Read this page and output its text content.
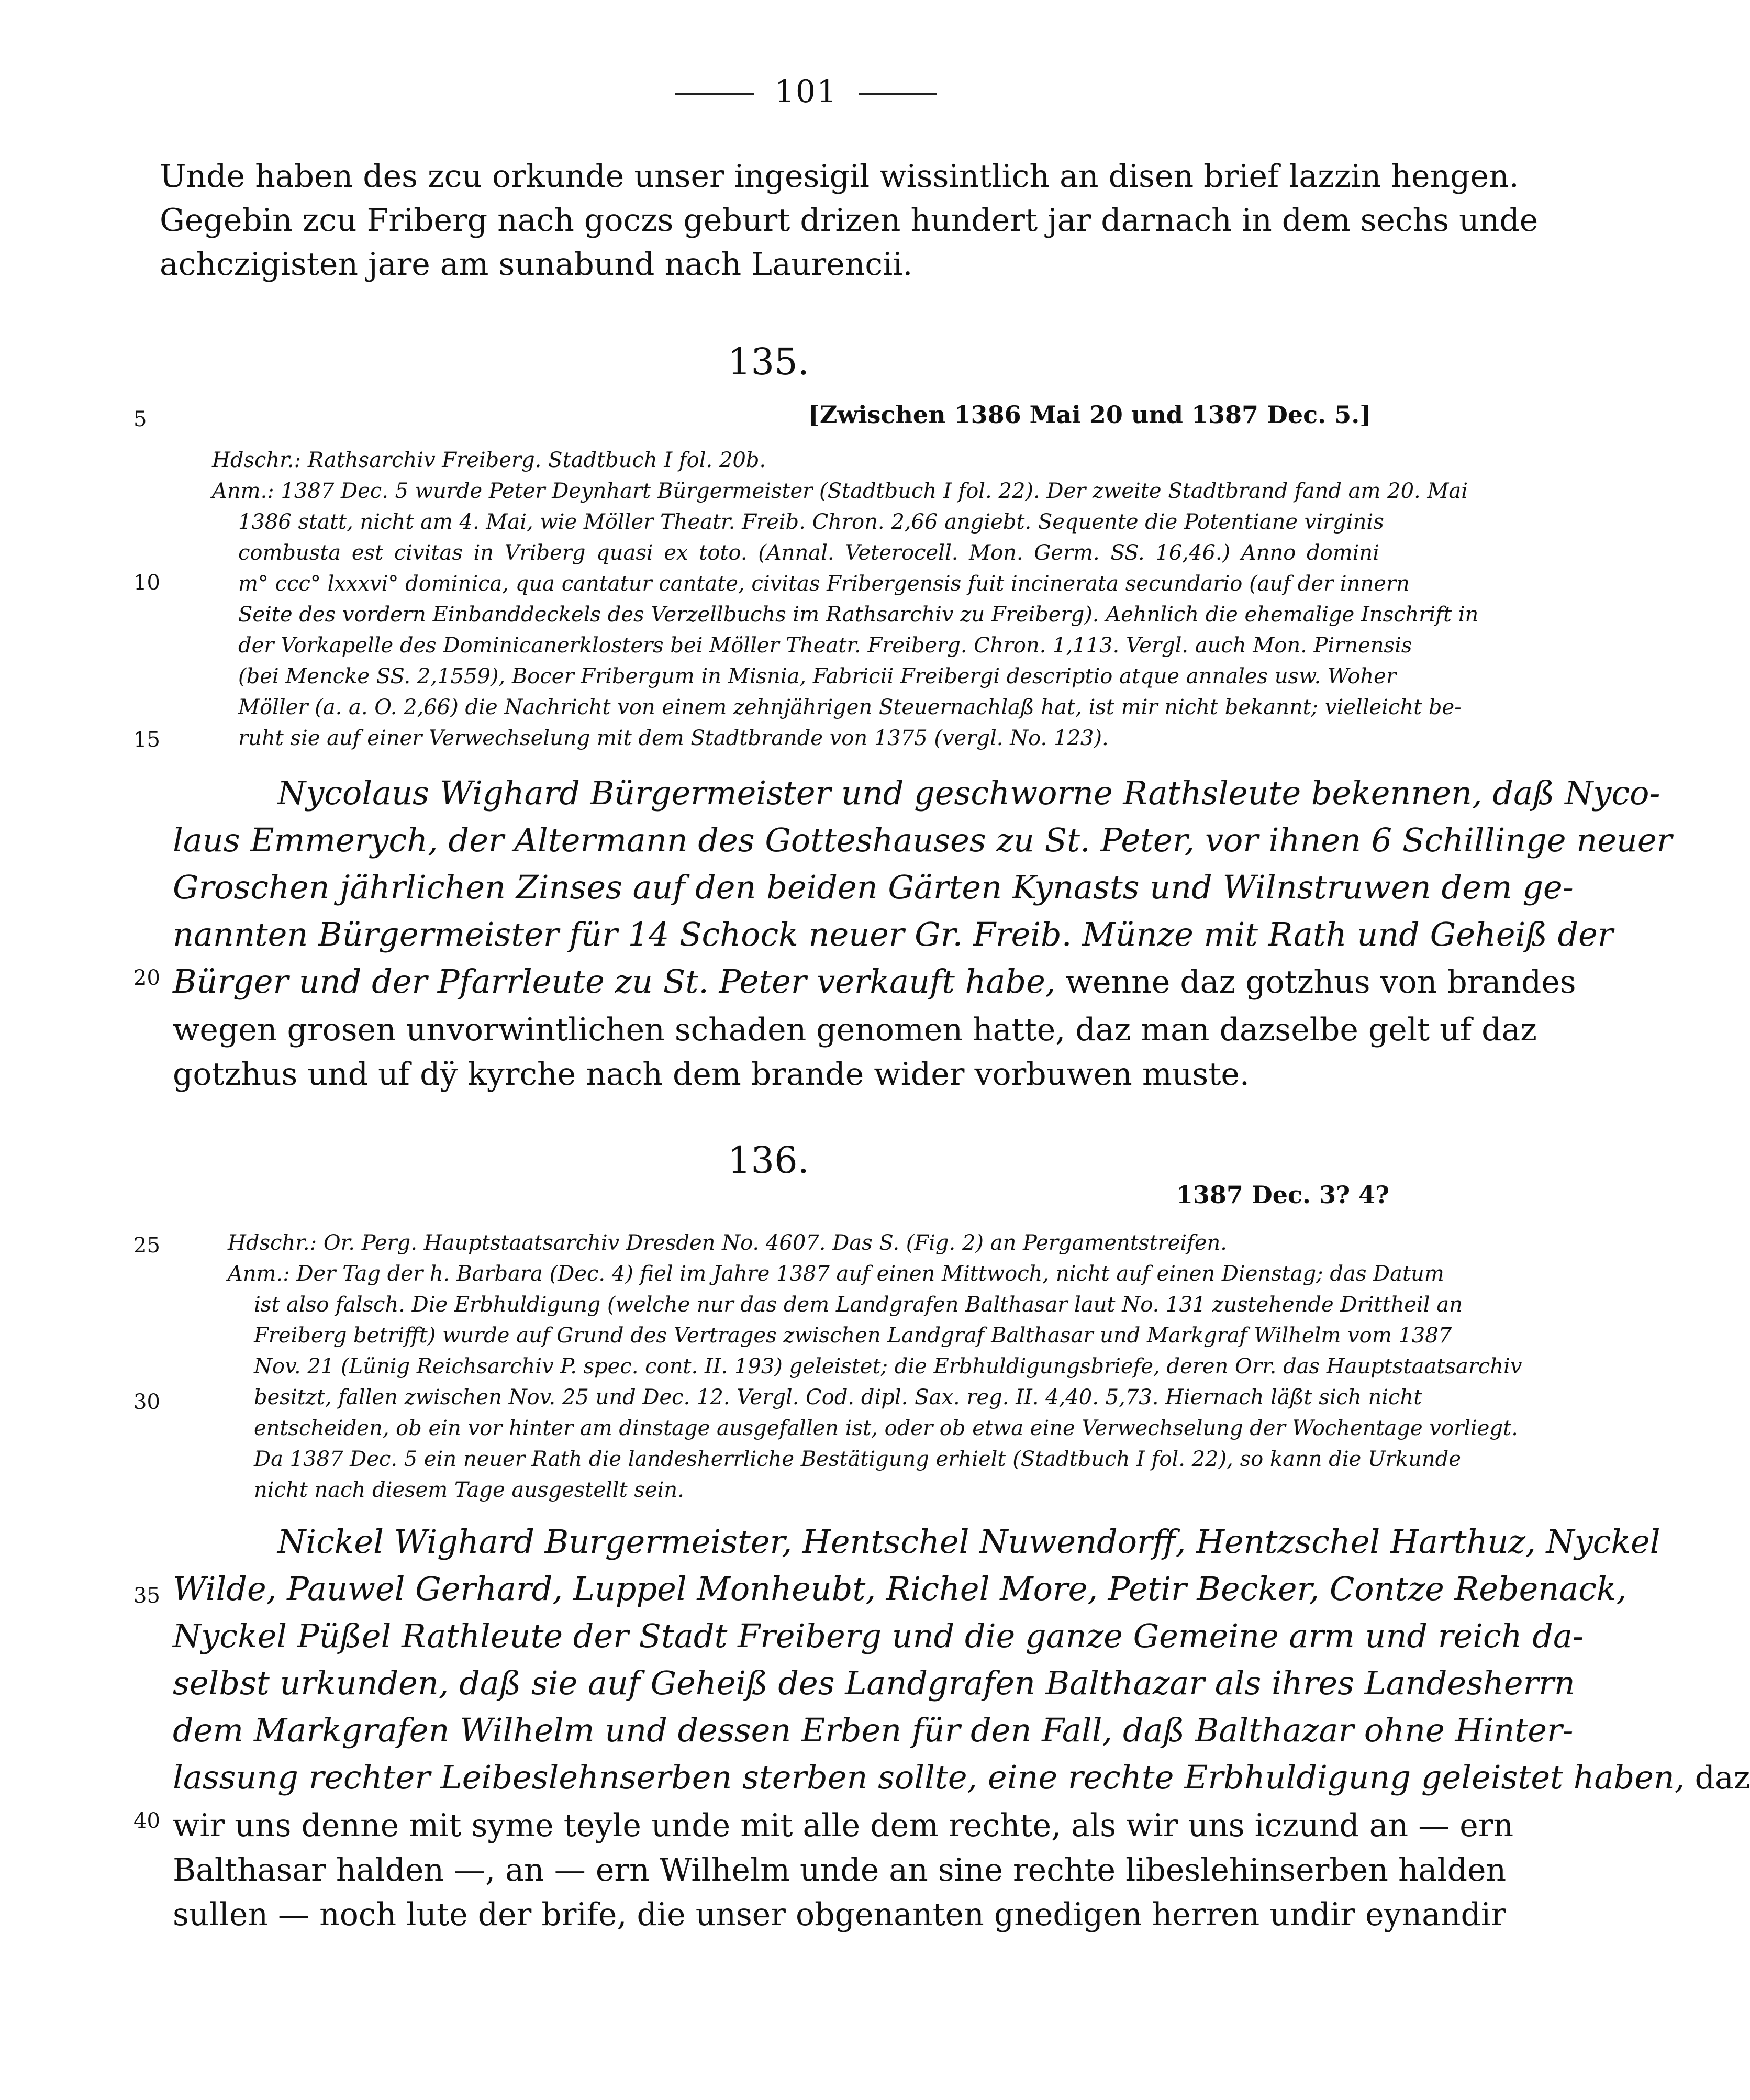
101
Unde haben des zcu orkunde unser ingesigil wissintlich an disen brief lazzin hengen.
Gegebin zcu Friberg nach goczs geburt drizen hundert jar darnach in dem sechs unde
achczigisten jare am sunabund nach Laurencii.
135.
[Zwischen 1386 Mai 20 und 1387 Dec. 5.]
Hdschr.: Rathsarchiv Freiberg. Stadtbuch I fol. 20b.
Anm.: 1387 Dec. 5 wurde Peter Deynhart Bürgermeister (Stadtbuch I fol. 22). Der zweite Stadtbrand fand am 20. Mai
1386 statt, nicht am 4. Mai, wie Möller Theatr. Freib. Chron. 2,66 angiebt. Sequente die Potentiane virginis
combusta est civitas in Vriberg quasi ex toto. (Annal. Veterocell. Mon. Germ. SS. 16,46.) Anno domini
m° ccc° lxxxvi° dominica, qua cantatur cantate, civitas Fribergensis fuit incinerata secundario (auf der innern
Seite des vordern Einbanddeckels des Verzellbuchs im Rathsarchiv zu Freiberg). Aehnlich die ehemalige Inschrift in
der Vorkapelle des Dominicanerklosters bei Möller Theatr. Freiberg. Chron. 1,113. Vergl. auch Mon. Pirnensis
(bei Mencke SS. 2,1559), Bocer Fribergum in Misnia, Fabricii Freibergi descriptio atque annales usw. Woher
Möller (a. a. O. 2,66) die Nachricht von einem zehnjährigen Steuernachlaß hat, ist mir nicht bekannt; vielleicht be-
ruht sie auf einer Verwechselung mit dem Stadtbrande von 1375 (vergl. No. 123).
Nycolaus Wighard Bürgermeister und geschworne Rathsleute bekennen, daß Nyco-
laus Emmerych, der Altermann des Gotteshauses zu St. Peter, vor ihnen 6 Schillinge neuer
Groschen jährlichen Zinses auf den beiden Gärten Kynasts und Wilnstruwen dem ge-
nannten Bürgermeister für 14 Schock neuer Gr. Freib. Münze mit Rath und Geheiß der
Bürger und der Pfarrleute zu St. Peter verkauft habe, wenne daz gotzhus von brandes
wegen grosen unvorwintlichen schaden genomen hatte, daz man dazselbe gelt uf daz
gotzhus und uf dÿ kyrche nach dem brande wider vorbuwen muste.
136.
1387 Dec. 3? 4?
Hdschr.: Or. Perg. Hauptstaatsarchiv Dresden No. 4607. Das S. (Fig. 2) an Pergamentstreifen.
Anm.: Der Tag der h. Barbara (Dec. 4) fiel im Jahre 1387 auf einen Mittwoch, nicht auf einen Dienstag; das Datum
ist also falsch. Die Erbhuldigung (welche nur das dem Landgrafen Balthasar laut No. 131 zustehende Drittheil an
Freiberg betrifft) wurde auf Grund des Vertrages zwischen Landgraf Balthasar und Markgraf Wilhelm vom 1387
Nov. 21 (Lünig Reichsarchiv P. spec. cont. II. 193) geleistet; die Erbhuldigungsbriefe, deren Orr. das Hauptstaatsarchiv
besitzt, fallen zwischen Nov. 25 und Dec. 12. Vergl. Cod. dipl. Sax. reg. II. 4,40. 5,73. Hiernach läßt sich nicht
entscheiden, ob ein vor hinter am dinstage ausgefallen ist, oder ob etwa eine Verwechselung der Wochentage vorliegt.
Da 1387 Dec. 5 ein neuer Rath die landesherrliche Bestätigung erhielt (Stadtbuch I fol. 22), so kann die Urkunde
nicht nach diesem Tage ausgestellt sein.
Nickel Wighard Burgermeister, Hentschel Nuwendorff, Hentzschel Harthuz, Nyckel
Wilde, Pauwel Gerhard, Luppel Monheubt, Richel More, Petir Becker, Contze Rebenack,
Nyckel Püßel Rathleute der Stadt Freiberg und die ganze Gemeine arm und reich da-
selbst urkunden, daß sie auf Geheiß des Landgrafen Balthazar als ihres Landesherrn
dem Markgrafen Wilhelm und dessen Erben für den Fall, daß Balthazar ohne Hinter-
lassung rechter Leibeslehnserben sterben sollte, eine rechte Erbhuldigung geleistet haben, daz
wir uns denne mit syme teyle unde mit alle dem rechte, als wir uns iczund an — ern
Balthasar halden —, an — ern Wilhelm unde an sine rechte libeslehinserben halden
sullen — noch lute der brife, die unser obgenanten gnedigen herren undir eynandir
5
10
15
20
25
30
35
40
